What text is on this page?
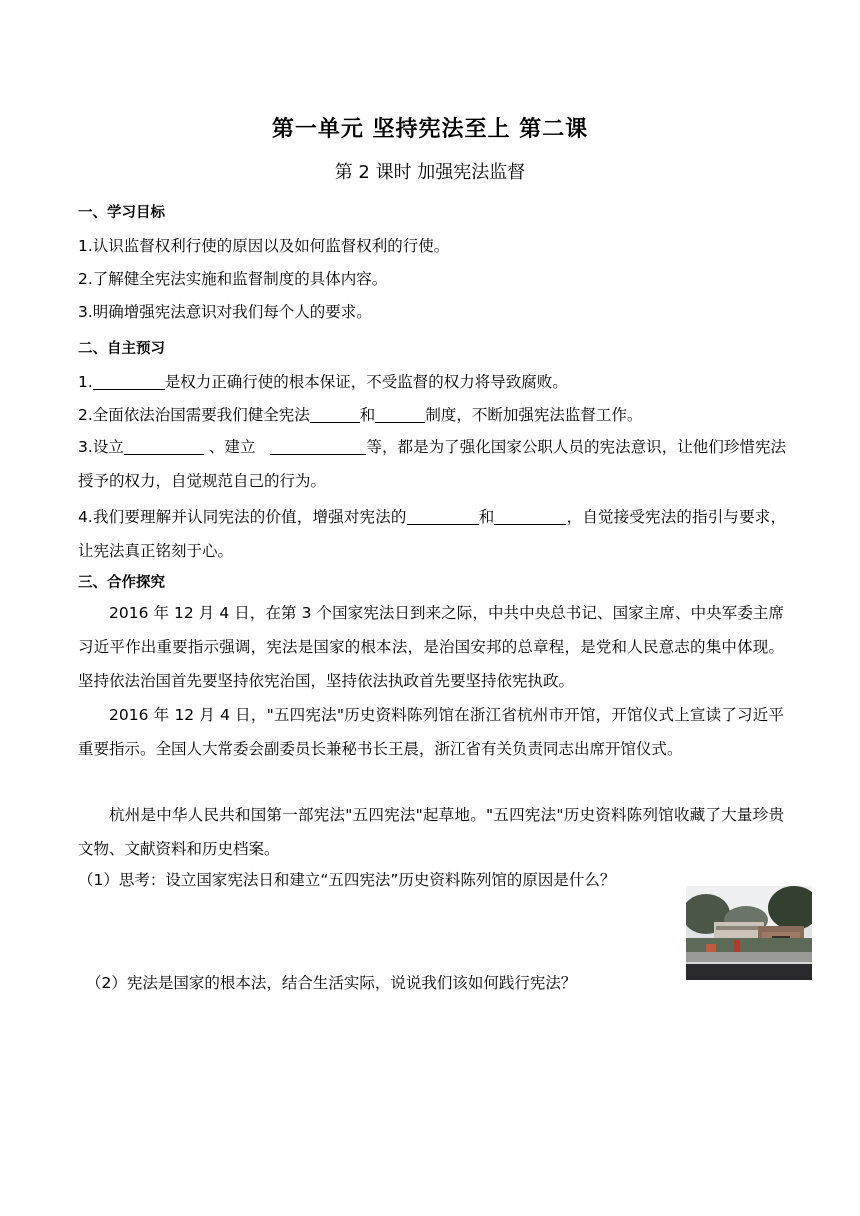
第一单元 坚持宪法至上 第二课
第 2 课时 加强宪法监督
一、学习目标
1.认识监督权利行使的原因以及如何监督权利的行使。
2.了解健全宪法实施和监督制度的具体内容。
3.明确增强宪法意识对我们每个人的要求。
二、自主预习
1.	是权力正确行使的根本保证，不受监督的权力将导致腐败。
2.全面依法治国需要我们健全宪法	和	制度，不断加强宪法监督工作。
3.设立	、建立	等，都是为了强化国家公职人员的宪法意识，让他们珍惜宪法授予的权力，自觉规范自己的行为。
4.我们要理解并认同宪法的价值，增强对宪法的	和	，自觉接受宪法的指引与要求，让宪法真正铭刻于心。
三、合作探究
2016 年 12 月 4 日，在第 3 个国家宪法日到来之际，中共中央总书记、国家主席、中央军委主席习近平作出重要指示强调，宪法是国家的根本法，是治国安邦的总章程，是党和人民意志的集中体现。坚持依法治国首先要坚持依宪治国，坚持依法执政首先要坚持依宪执政。
2016 年 12 月 4 日，"五四宪法"历史资料陈列馆在浙江省杭州市开馆，开馆仪式上宣读了习近平重要指示。全国人大常委会副委员长兼秘书长王晨，浙江省有关负责同志出席开馆仪式。
杭州是中华人民共和国第一部宪法"五四宪法"起草地。"五四宪法"历史资料陈列馆收藏了大量珍贵文物、文献资料和历史档案。
（1）思考：设立国家宪法日和建立“五四宪法”历史资料陈列馆的原因是什么？
（2）宪法是国家的根本法，结合生活实际，说说我们该如何践行宪法？
